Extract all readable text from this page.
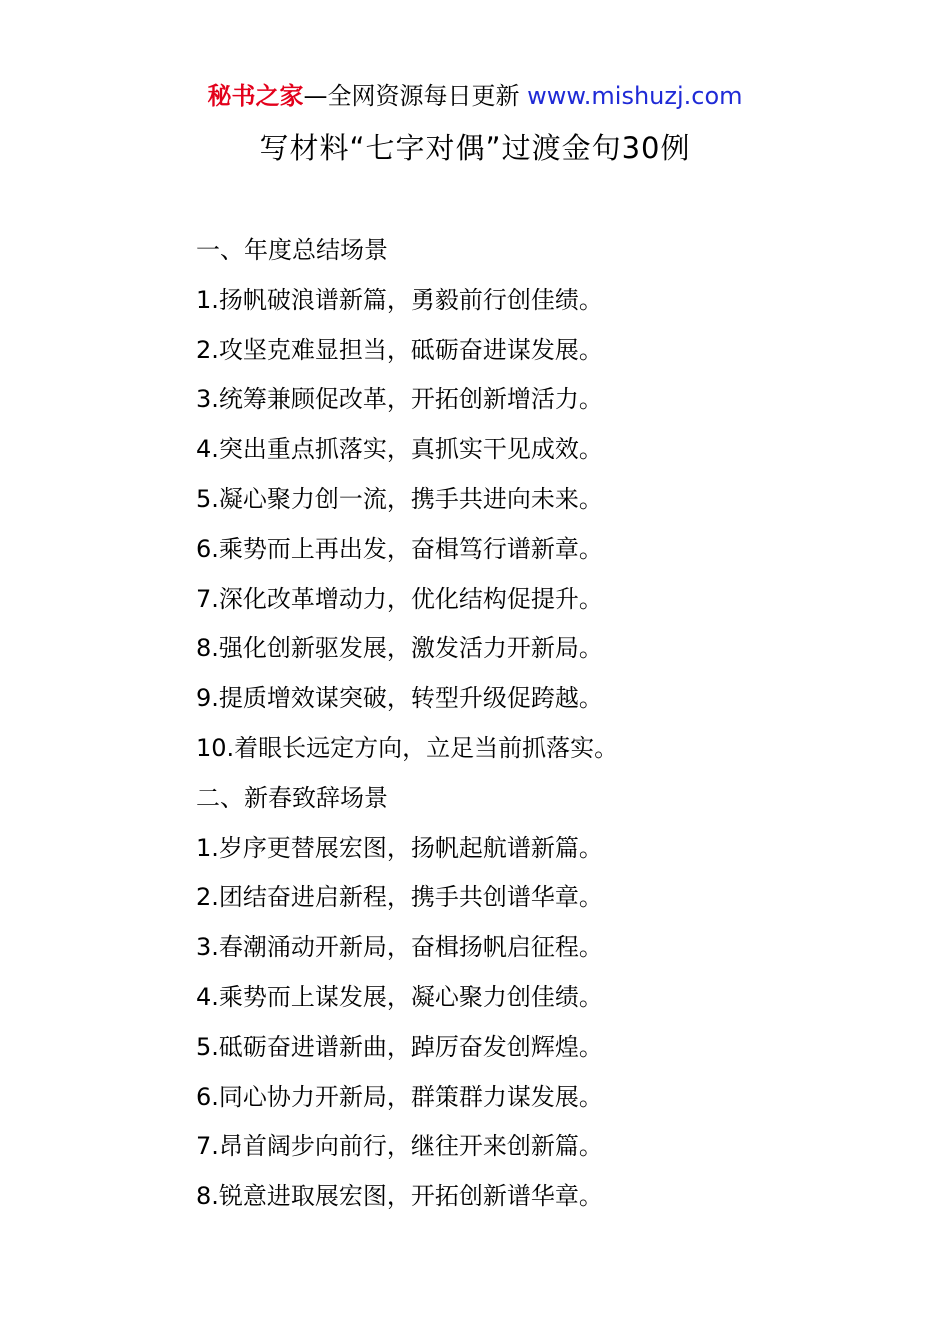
秘书之家—全网资源每日更新 www.mishuzj.com
写材料“七字对偶”过渡金句30例
一、年度总结场景
1.扬帆破浪谱新篇，勇毅前行创佳绩。
2.攻坚克难显担当，砥砺奋进谋发展。
3.统筹兼顾促改革，开拓创新增活力。
4.突出重点抓落实，真抓实干见成效。
5.凝心聚力创一流，携手共进向未来。
6.乘势而上再出发，奋楫笃行谱新章。
7.深化改革增动力，优化结构促提升。
8.强化创新驱发展，激发活力开新局。
9.提质增效谋突破，转型升级促跨越。
10.着眼长远定方向，立足当前抓落实。
二、新春致辞场景
1.岁序更替展宏图，扬帆起航谱新篇。
2.团结奋进启新程，携手共创谱华章。
3.春潮涌动开新局，奋楫扬帆启征程。
4.乘势而上谋发展，凝心聚力创佳绩。
5.砥砺奋进谱新曲，踔厉奋发创辉煌。
6.同心协力开新局，群策群力谋发展。
7.昂首阔步向前行，继往开来创新篇。
8.锐意进取展宏图，开拓创新谱华章。
